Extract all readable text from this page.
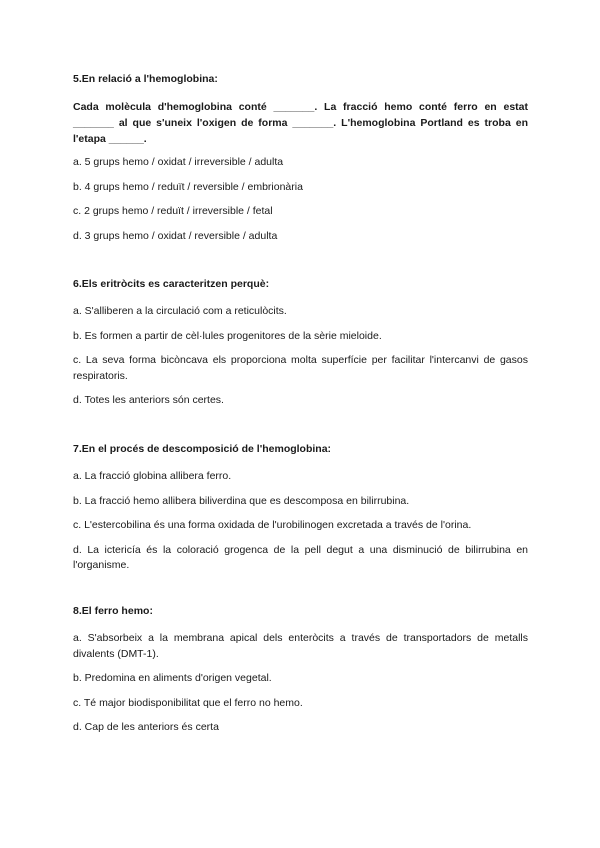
5.En relació a l'hemoglobina:
Cada molècula d'hemoglobina conté _______. La fracció hemo conté ferro en estat _______ al que s'uneix l'oxigen de forma _______. L'hemoglobina Portland es troba en l'etapa ______.
a. 5 grups hemo / oxidat / irreversible / adulta
b. 4 grups hemo / reduït / reversible / embrionària
c. 2 grups hemo / reduït / irreversible / fetal
d. 3 grups hemo / oxidat / reversible / adulta
6.Els eritròcits es caracteritzen perquè:
a. S'alliberen a la circulació com a reticulòcits.
b. Es formen a partir de cèl·lules progenitores de la sèrie mieloide.
c. La seva forma bicòncava els proporciona molta superfície per facilitar l'intercanvi de gasos respiratoris.
d. Totes les anteriors són certes.
7.En el procés de descomposició de l'hemoglobina:
a. La fracció globina allibera ferro.
b. La fracció hemo allibera biliverdina que es descomposa en bilirrubina.
c. L'estercobilina és una forma oxidada de l'urobilinogen excretada a través de l'orina.
d. La ictericía és la coloració grogenca de la pell degut a una disminució de bilirrubina en l'organisme.
8.El ferro hemo:
a. S'absorbeix a la membrana apical dels enteròcits a través de transportadors de metalls divalents (DMT-1).
b. Predomina en aliments d'origen vegetal.
c. Té major biodisponibilitat que el ferro no hemo.
d. Cap de les anteriors és certa
